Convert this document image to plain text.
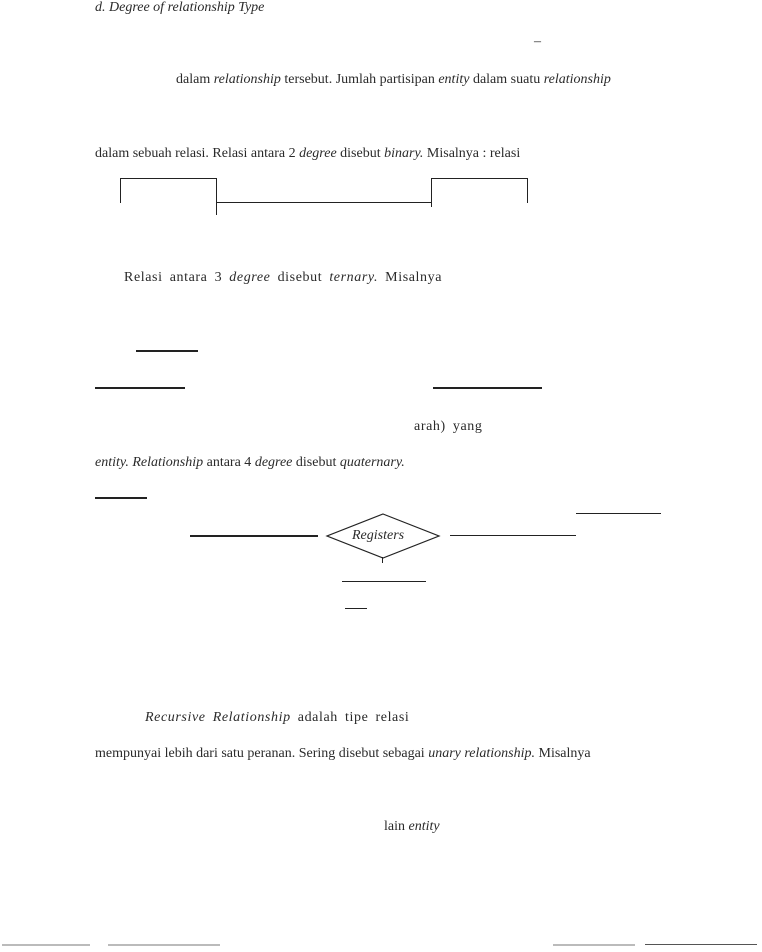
d. Degree of relationship Type
–
dalam relationship tersebut. Jumlah partisipan entity dalam suatu relationship
dalam sebuah relasi. Relasi antara 2 degree disebut binary. Misalnya : relasi
Relasi antara 3 degree disebut ternary. Misalnya
arah) yang
entity. Relationship antara 4 degree disebut quaternary.
Registers
Recursive Relationship adalah tipe relasi
mempunyai lebih dari satu peranan. Sering disebut sebagai unary relationship. Misalnya
lain entity
